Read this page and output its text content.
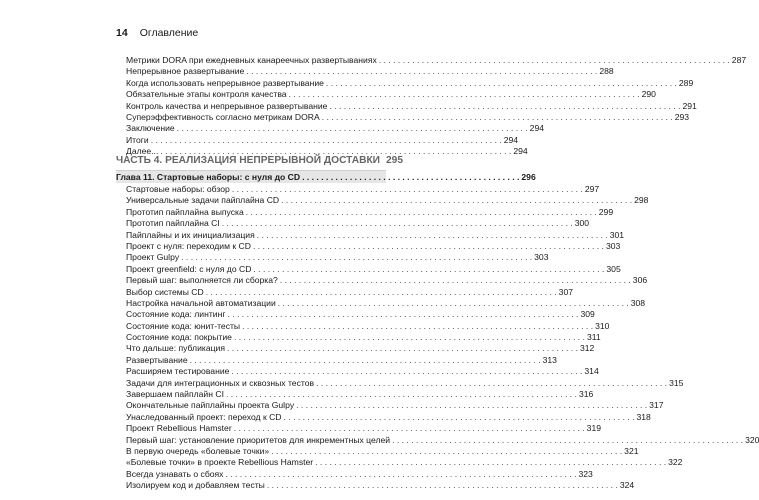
14 Оглавление
Метрики DORA при ежедневных канареечных развертываниях . . .	287
Непрерывное развертывание . . .	288
Когда использовать непрерывное развертывание . . .	289
Обязательные этапы контроля качества . . .	290
Контроль качества и непрерывное развертывание . . .	291
Суперэффективность согласно метрикам DORA . . .	293
Заключение . . .	294
Итоги . . .	294
Далее... . . .	294
ЧАСТЬ 4. РЕАЛИЗАЦИЯ НЕПРЕРЫВНОЙ ДОСТАВКИ 295
Глава 11. Стартовые наборы: с нуля до CD . . .	296
Стартовые наборы: обзор . . .	297
Универсальные задачи пайплайна CD . . .	298
Прототип пайплайна выпуска . . .	299
Прототип пайплайна CI . . .	300
Пайплайны и их инициализация . . .	301
Проект с нуля: переходим к CD . . .	303
Проект Gulpy . . .	303
Проект greenfield: с нуля до CD . . .	305
Первый шаг: выполняется ли сборка? . . .	306
Выбор системы CD . . .	307
Настройка начальной автоматизации . . .	308
Состояние кода: линтинг . . .	309
Состояние кода: юнит-тесты . . .	310
Состояние кода: покрытие . . .	311
Что дальше: публикация . . .	312
Развертывание . . .	313
Расширяем тестирование . . .	314
Задачи для интеграционных и сквозных тестов . . .	315
Завершаем пайплайн CI . . .	316
Окончательные пайплайны проекта Gulpy . . .	317
Унаследованный проект: переход к CD . . .	318
Проект Rebellious Hamster . . .	319
Первый шаг: установление приоритетов для инкрементных целей . . .	320
В первую очередь «болевые точки» . . .	321
«Болевые точки» в проекте Rebellious Hamster . . .	322
Всегда узнавать о сбоях . . .	323
Изолируем код и добавляем тесты . . .	324
